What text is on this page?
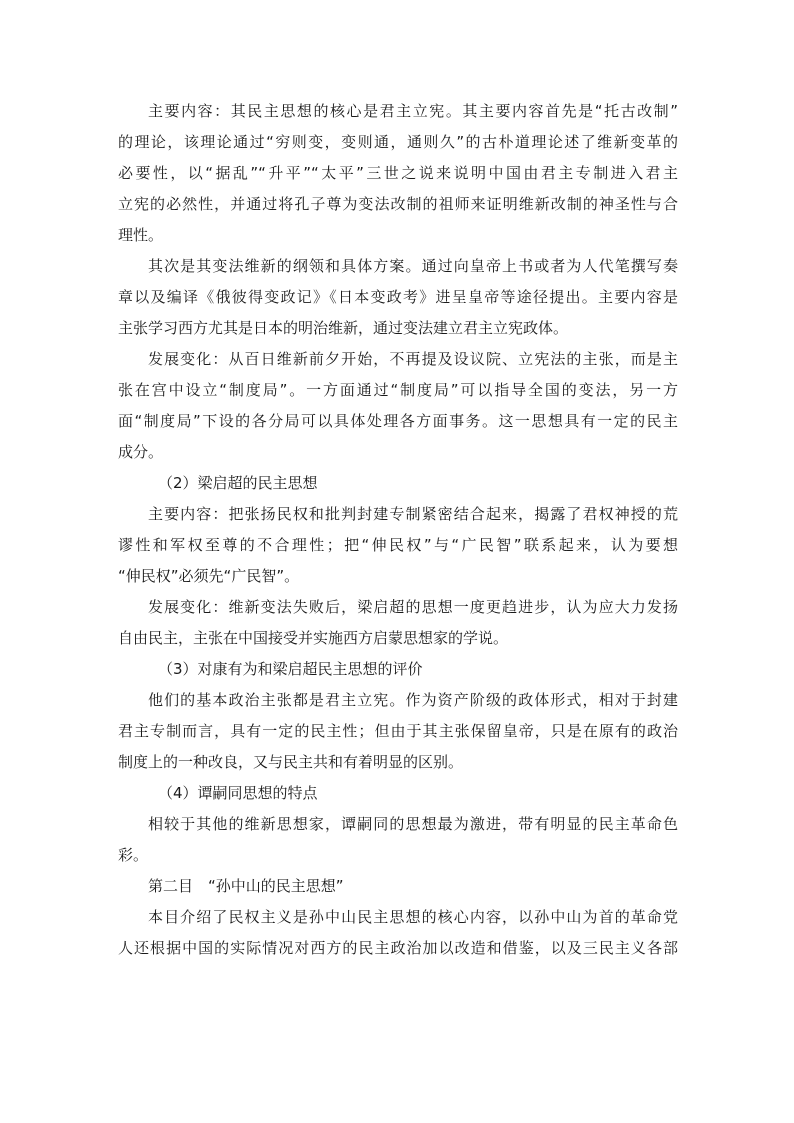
主要内容：其民主思想的核心是君主立宪。其主要内容首先是“托古改制”
的理论，该理论通过“穷则变，变则通，通则久”的古朴道理论述了维新变革的
必要性，以“据乱”“升平”“太平”三世之说来说明中国由君主专制进入君主
立宪的必然性，并通过将孔子尊为变法改制的祖师来证明维新改制的神圣性与合
理性。
其次是其变法维新的纲领和具体方案。通过向皇帝上书或者为人代笔撰写奏
章以及编译《俄彼得变政记》《日本变政考》进呈皇帝等途径提出。主要内容是
主张学习西方尤其是日本的明治维新，通过变法建立君主立宪政体。
发展变化：从百日维新前夕开始，不再提及设议院、立宪法的主张，而是主
张在宫中设立“制度局”。一方面通过“制度局”可以指导全国的变法，另一方
面“制度局”下设的各分局可以具体处理各方面事务。这一思想具有一定的民主
成分。
（2）梁启超的民主思想
主要内容：把张扬民权和批判封建专制紧密结合起来，揭露了君权神授的荒
谬性和军权至尊的不合理性；把“伸民权”与“广民智”联系起来，认为要想
“伸民权”必须先“广民智”。
发展变化：维新变法失败后，梁启超的思想一度更趋进步，认为应大力发扬
自由民主，主张在中国接受并实施西方启蒙思想家的学说。
（3）对康有为和梁启超民主思想的评价
他们的基本政治主张都是君主立宪。作为资产阶级的政体形式，相对于封建
君主专制而言，具有一定的民主性；但由于其主张保留皇帝，只是在原有的政治
制度上的一种改良，又与民主共和有着明显的区别。
（4）谭嗣同思想的特点
相较于其他的维新思想家，谭嗣同的思想最为激进，带有明显的民主革命色
彩。
第二目　“孙中山的民主思想”
本目介绍了民权主义是孙中山民主思想的核心内容，以孙中山为首的革命党
人还根据中国的实际情况对西方的民主政治加以改造和借鉴，以及三民主义各部
